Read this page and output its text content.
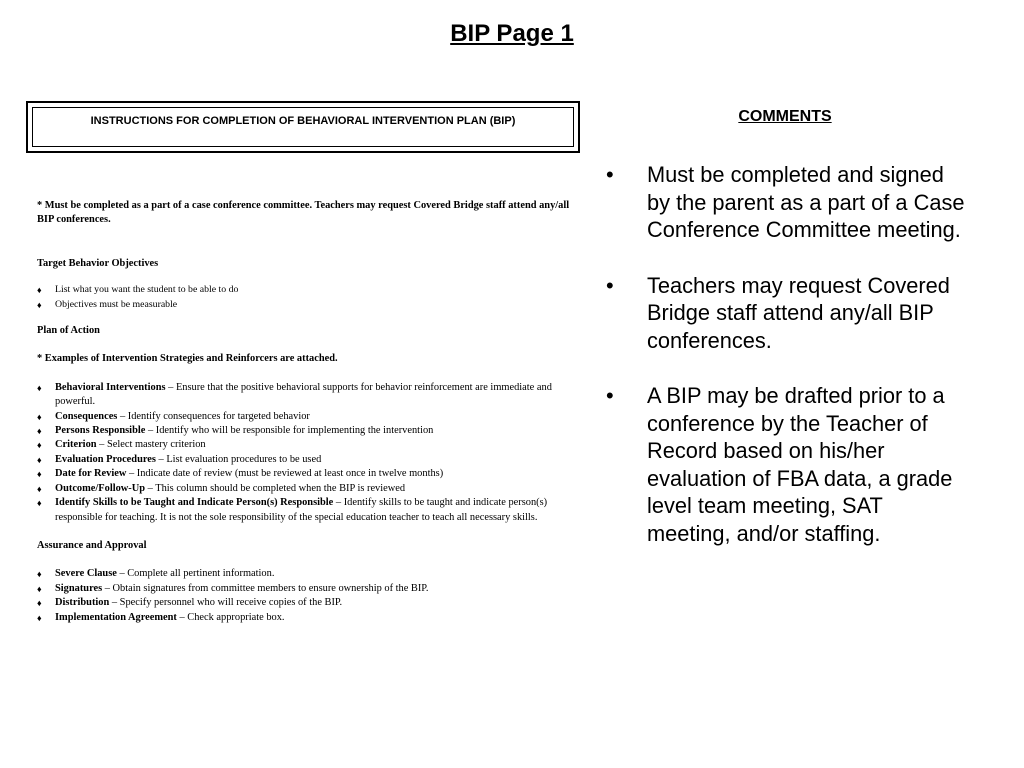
BIP Page 1
INSTRUCTIONS FOR COMPLETION OF BEHAVIORAL INTERVENTION PLAN (BIP)

* Must be completed as a part of a case conference committee. Teachers may request Covered Bridge staff attend any/all BIP conferences.

Target Behavior Objectives

♦ List what you want the student to be able to do
♦ Objectives must be measurable

Plan of Action

* Examples of Intervention Strategies and Reinforcers are attached.

♦ Behavioral Interventions – Ensure that the positive behavioral supports for behavior reinforcement are immediate and powerful.
♦ Consequences – Identify consequences for targeted behavior
♦ Persons Responsible – Identify who will be responsible for implementing the intervention
♦ Criterion – Select mastery criterion
♦ Evaluation Procedures – List evaluation procedures to be used
♦ Date for Review – Indicate date of review (must be reviewed at least once in twelve months)
♦ Outcome/Follow-Up – This column should be completed when the BIP is reviewed
♦ Identify Skills to be Taught and Indicate Person(s) Responsible – Identify skills to be taught and indicate person(s) responsible for teaching. It is not the sole responsibility of the special education teacher to teach all necessary skills.

Assurance and Approval

♦ Severe Clause – Complete all pertinent information.
♦ Signatures – Obtain signatures from committee members to ensure ownership of the BIP.
♦ Distribution – Specify personnel who will receive copies of the BIP.
♦ Implementation Agreement – Check appropriate box.
COMMENTS
• Must be completed and signed by the parent as a part of a Case Conference Committee meeting.
• Teachers may request Covered Bridge staff attend any/all BIP conferences.
• A BIP may be drafted prior to a conference by the Teacher of Record based on his/her evaluation of FBA data, a grade level team meeting, SAT meeting, and/or staffing.
